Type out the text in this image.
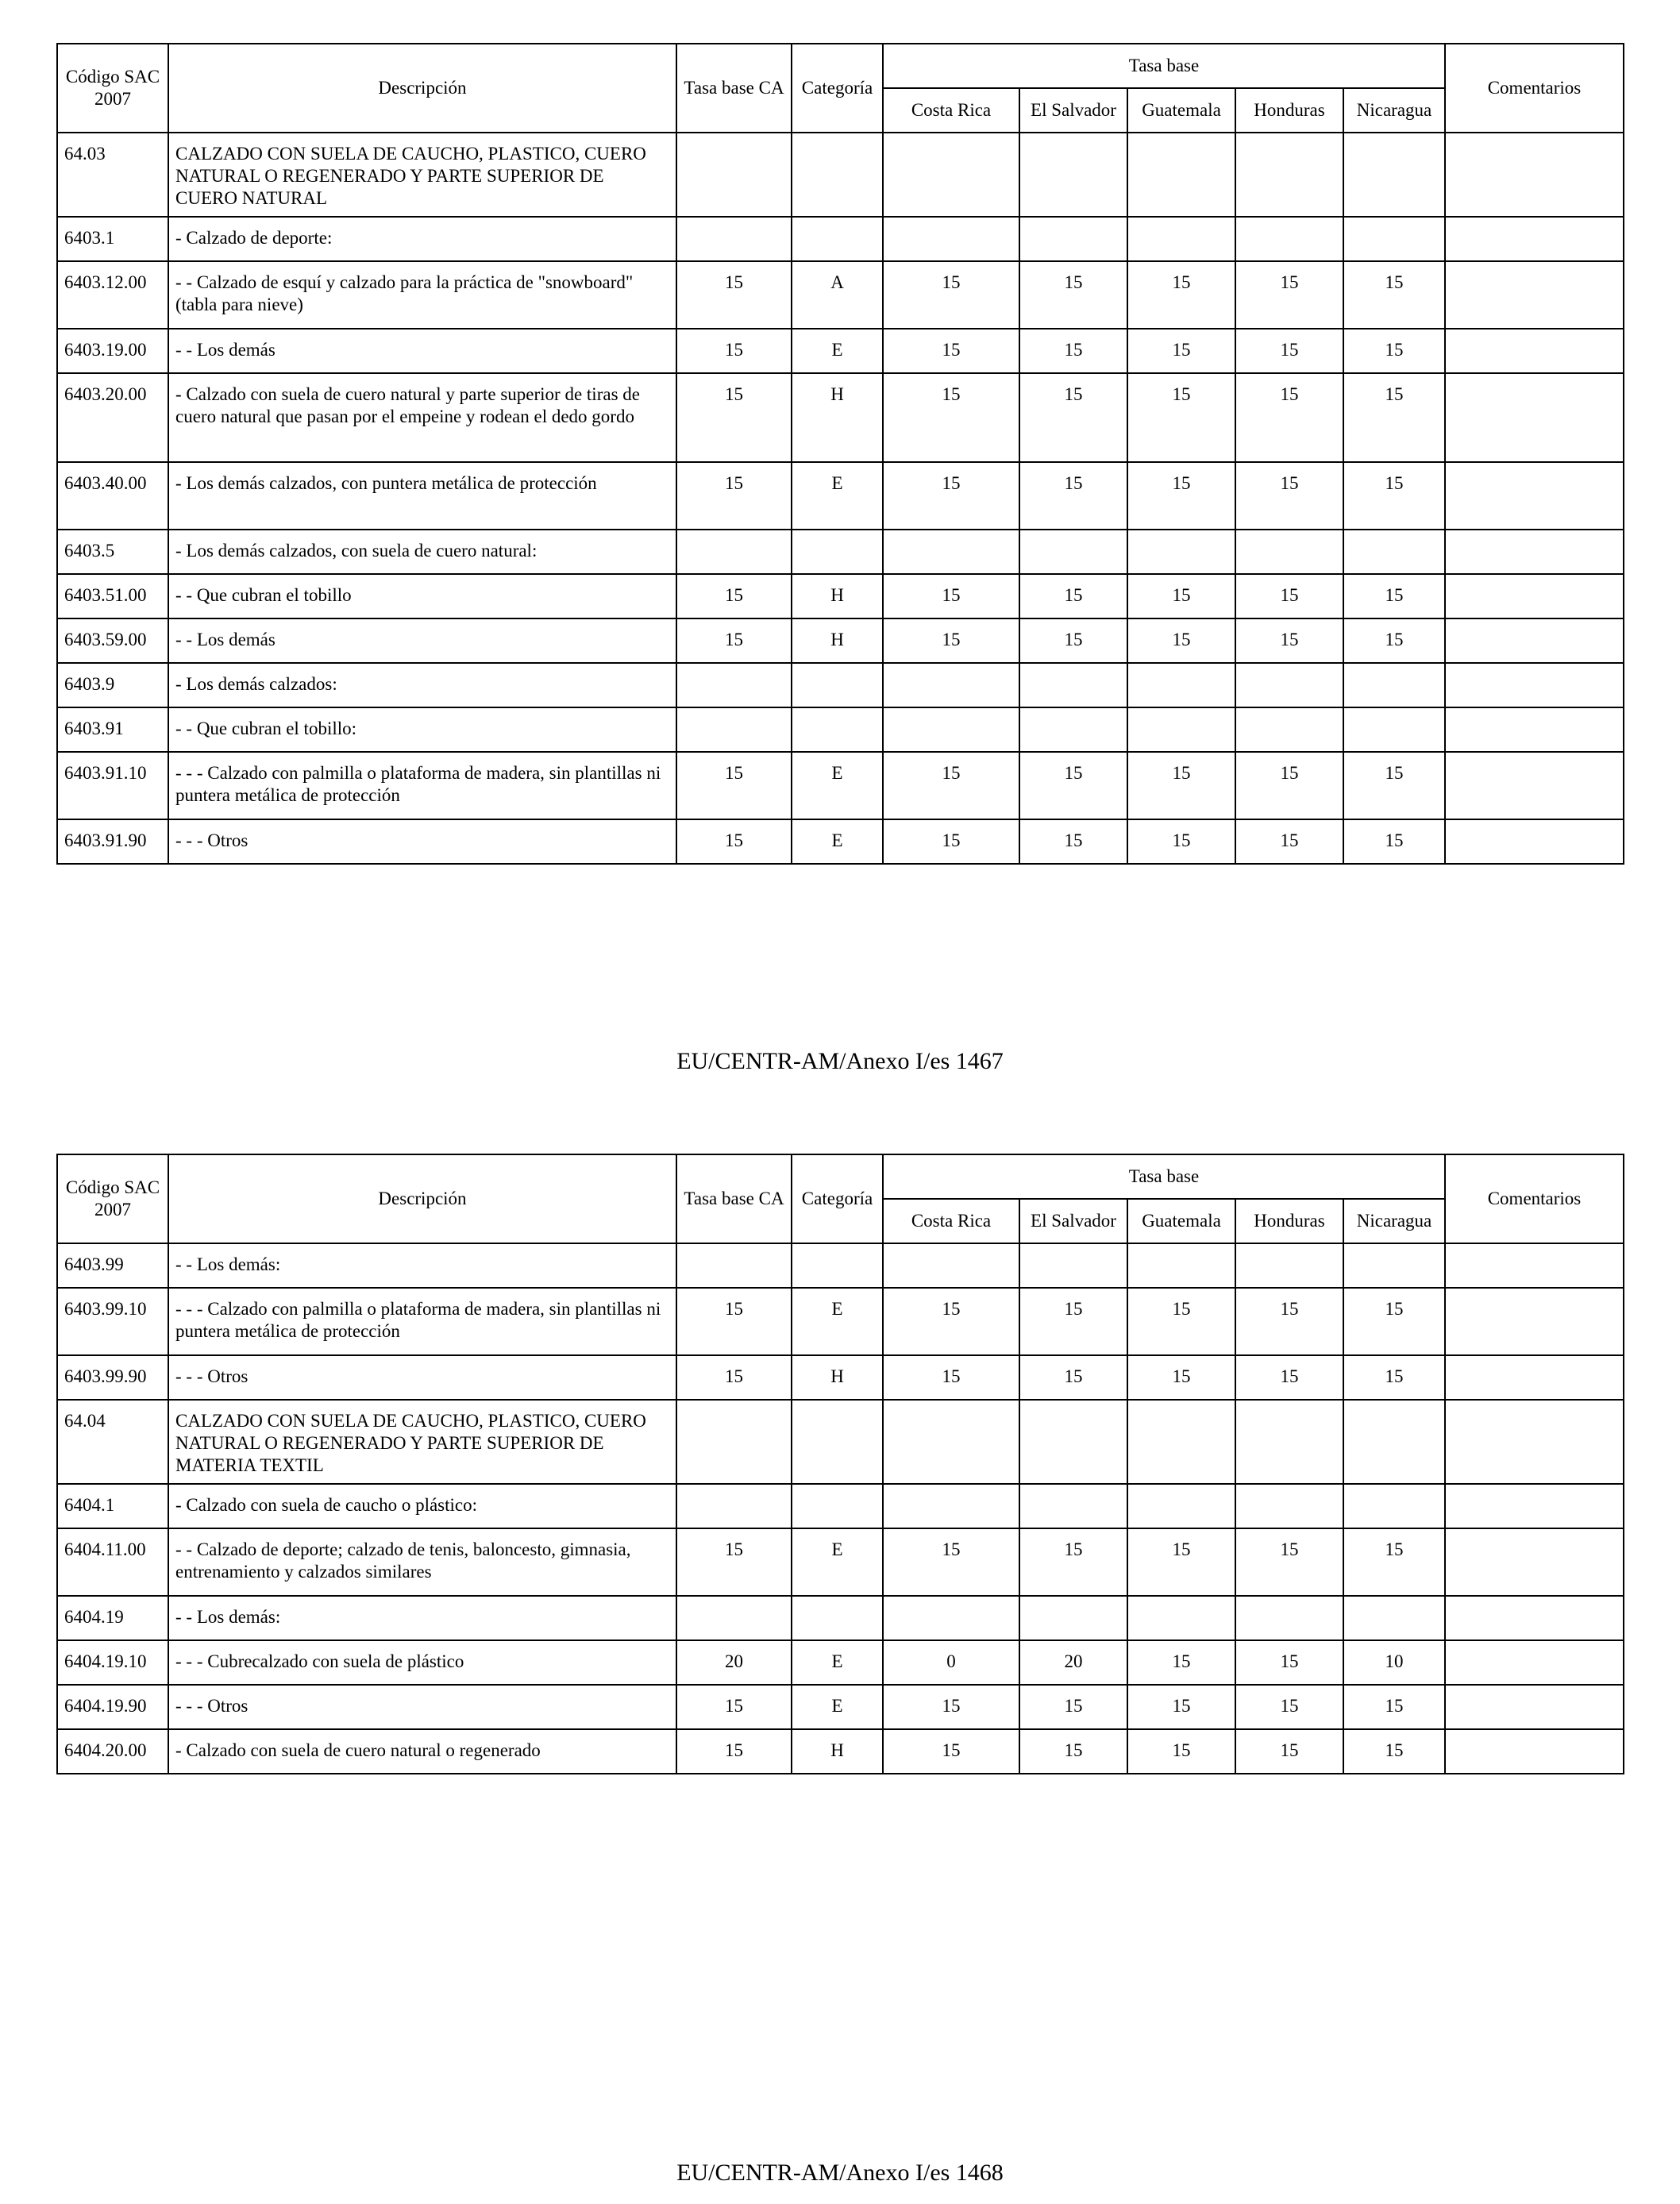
Código SAC 2007	Descripción	Tasa base CA	Categoría	Tasa base					Comentarios
				Costa Rica	El Salvador	Guatemala	Honduras	Nicaragua	
64.03	CALZADO CON SUELA DE CAUCHO, PLASTICO, CUERO NATURAL O REGENERADO Y PARTE SUPERIOR DE CUERO NATURAL								
6403.1	- Calzado de deporte:								
6403.12.00	- - Calzado de esquí y calzado para la práctica de "snowboard" (tabla para nieve)	15	A	15	15	15	15	15	
6403.19.00	- - Los demás	15	E	15	15	15	15	15	
6403.20.00	- Calzado con suela de cuero natural y parte superior de tiras de cuero natural que pasan por el empeine y rodean el dedo gordo	15	H	15	15	15	15	15	
6403.40.00	- Los demás calzados, con puntera metálica de protección	15	E	15	15	15	15	15	
6403.5	- Los demás calzados, con suela de cuero natural:								
6403.51.00	- - Que cubran el tobillo	15	H	15	15	15	15	15	
6403.59.00	- - Los demás	15	H	15	15	15	15	15	
6403.9	- Los demás calzados:								
6403.91	- - Que cubran el tobillo:								
6403.91.10	- - - Calzado con palmilla o plataforma de madera, sin plantillas ni puntera metálica de protección	15	E	15	15	15	15	15	
6403.91.90	- - - Otros	15	E	15	15	15	15	15	
EU/CENTR-AM/Anexo I/es 1467
Código SAC 2007	Descripción	Tasa base CA	Categoría	Tasa base					Comentarios
				Costa Rica	El Salvador	Guatemala	Honduras	Nicaragua	
6403.99	- - Los demás:								
6403.99.10	- - - Calzado con palmilla o plataforma de madera, sin plantillas ni puntera metálica de protección	15	E	15	15	15	15	15	
6403.99.90	- - - Otros	15	H	15	15	15	15	15	
64.04	CALZADO CON SUELA DE CAUCHO, PLASTICO, CUERO NATURAL O REGENERADO Y PARTE SUPERIOR DE MATERIA TEXTIL								
6404.1	- Calzado con suela de caucho o plástico:								
6404.11.00	- - Calzado de deporte; calzado de tenis, baloncesto, gimnasia, entrenamiento y calzados similares	15	E	15	15	15	15	15	
6404.19	- - Los demás:								
6404.19.10	- - - Cubrecalzado con suela de plástico	20	E	0	20	15	15	10	
6404.19.90	- - - Otros	15	E	15	15	15	15	15	
6404.20.00	- Calzado con suela de cuero natural o regenerado	15	H	15	15	15	15	15	
EU/CENTR-AM/Anexo I/es 1468
